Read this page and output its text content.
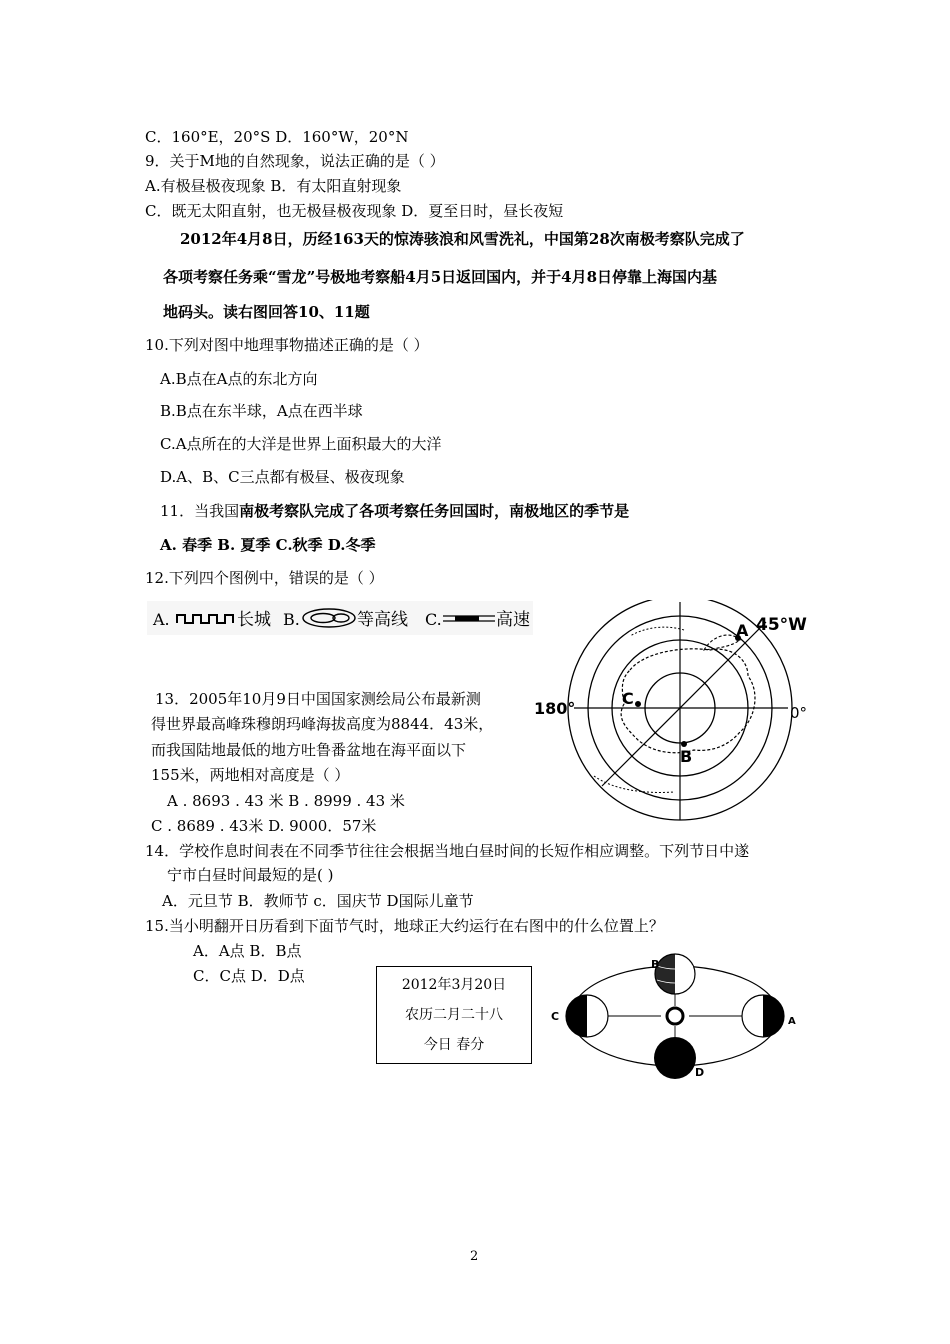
C．160°E，20°S D．160°W，20°N
9．关于M地的自然现象，说法正确的是（ ）
A.有极昼极夜现象 B．有太阳直射现象
C．既无太阳直射，也无极昼极夜现象 D．夏至日时，昼长夜短
2012年4月8日，历经163天的惊涛骇浪和风雪洗礼，中国第28次南极考察队完成了
各项考察任务乘“雪龙”号极地考察船4月5日返回国内，并于4月8日停靠上海国内基
地码头。读右图回答10、11题
10.下列对图中地理事物描述正确的是（ ）
A.B点在A点的东北方向
B.B点在东半球，A点在西半球
C.A点所在的大洋是世界上面积最大的大洋
D.A、B、C三点都有极昼、极夜现象
11．当我国南极考察队完成了各项考察任务回国时，南极地区的季节是
A. 春季 B. 夏季 C.秋季 D.冬季
12.下列四个图例中，错误的是（ ）
A.	长城 B.	等高线 C.	高速
A
B
C
45°W
180°	0°
13．2005年10月9日中国国家测绘局公布最新测
得世界最高峰珠穆朗玛峰海拔高度为8844．43米，
而我国陆地最低的地方吐鲁番盆地在海平面以下
155米，两地相对高度是（ ）
A . 8693 . 43 米 B . 8999 . 43 米
C . 8689 . 43米 D. 9000．57米
14．学校作息时间表在不同季节往往会根据当地白昼时间的长短作相应调整。下列节日中遂
宁市白昼时间最短的是( )
A．元旦节 B．教师节 c．国庆节 D国际儿童节
15.当小明翻开日历看到下面节气时，地球正大约运行在右图中的什么位置上？
A．A点 B．B点
C．C点 D．D点	2012年3月20日
农历二月二十八
今日 春分
B
C	A
D
2
